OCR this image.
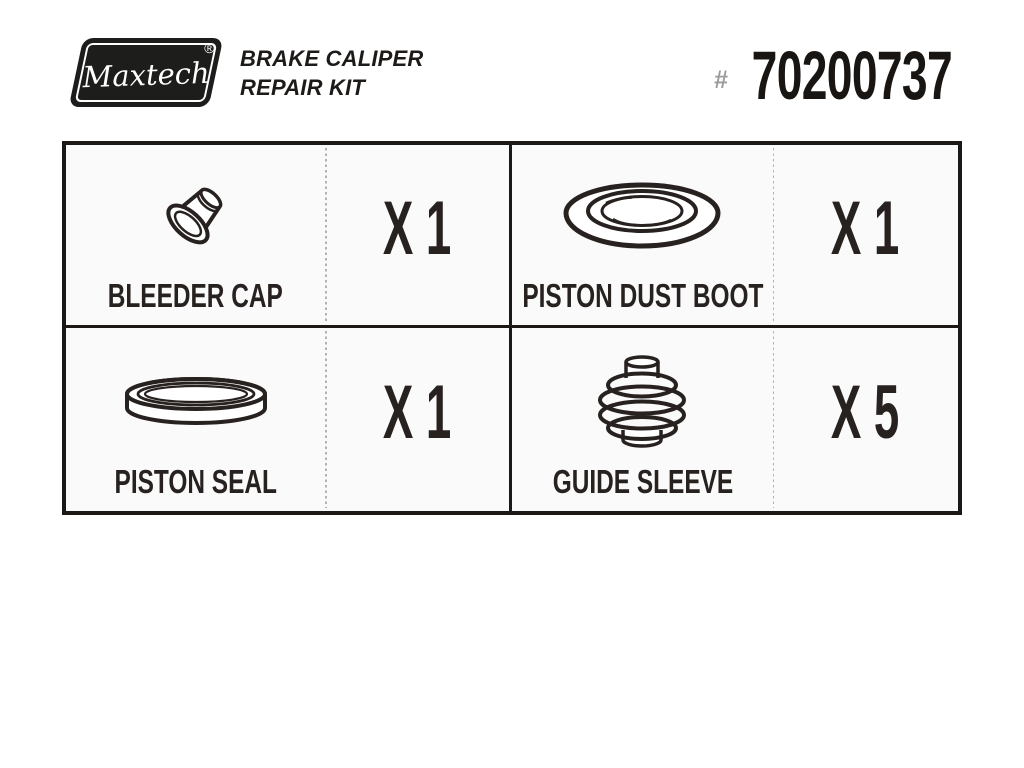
Maxtech
® BRAKE CALIPER
REPAIR KIT	# 70200737
BLEEDER CAP
X 1
PISTON DUST BOOT
X 1
PISTON SEAL
X 1
GUIDE SLEEVE
X 5
